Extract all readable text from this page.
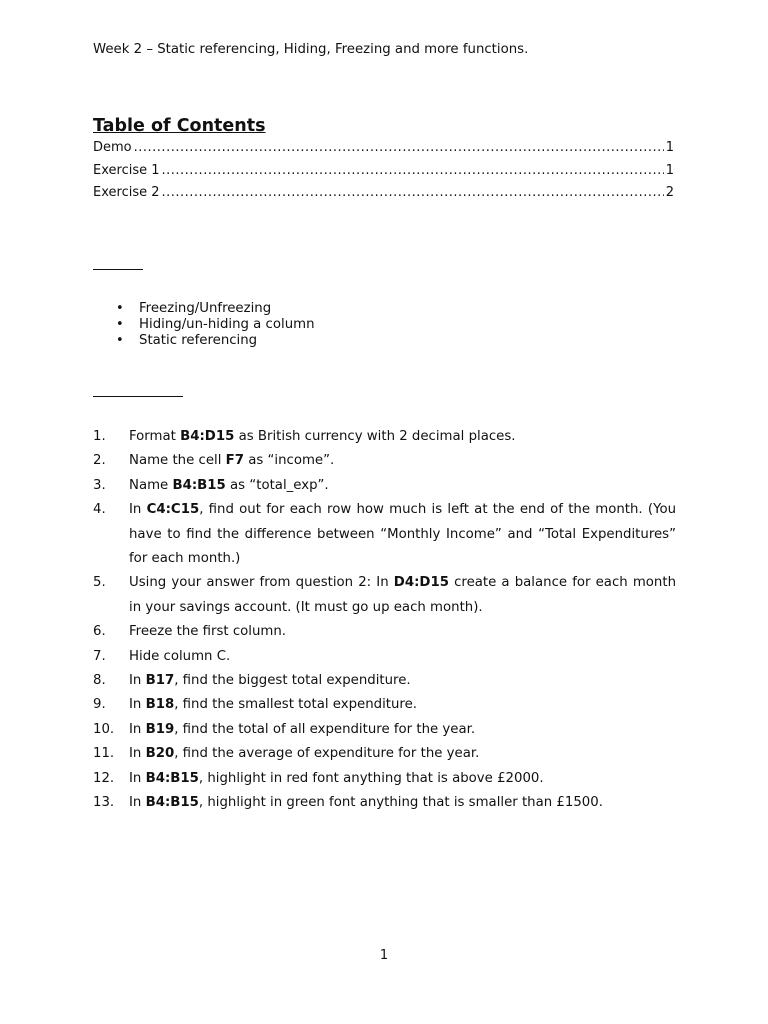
Week 2 – Static referencing, Hiding, Freezing and more functions.
Table of Contents
Demo .....	1
Exercise 1 .....	1
Exercise 2 .....	2
•	Freezing/Unfreezing
•	Hiding/un-hiding a column
•	Static referencing
1.	Format B4:D15 as British currency with 2 decimal places.
2.	Name the cell F7 as “income”.
3.	Name B4:B15 as “total_exp”.
4.	In C4:C15, find out for each row how much is left at the end of the month. (You have to find the difference between “Monthly Income” and “Total Expenditures” for each month.)
5.	Using your answer from question 2: In D4:D15 create a balance for each month in your savings account. (It must go up each month).
6.	Freeze the first column.
7.	Hide column C.
8.	In B17, find the biggest total expenditure.
9.	In B18, find the smallest total expenditure.
10.	In B19, find the total of all expenditure for the year.
11.	In B20, find the average of expenditure for the year.
12.	In B4:B15, highlight in red font anything that is above £2000.
13.	In B4:B15, highlight in green font anything that is smaller than £1500.
1
